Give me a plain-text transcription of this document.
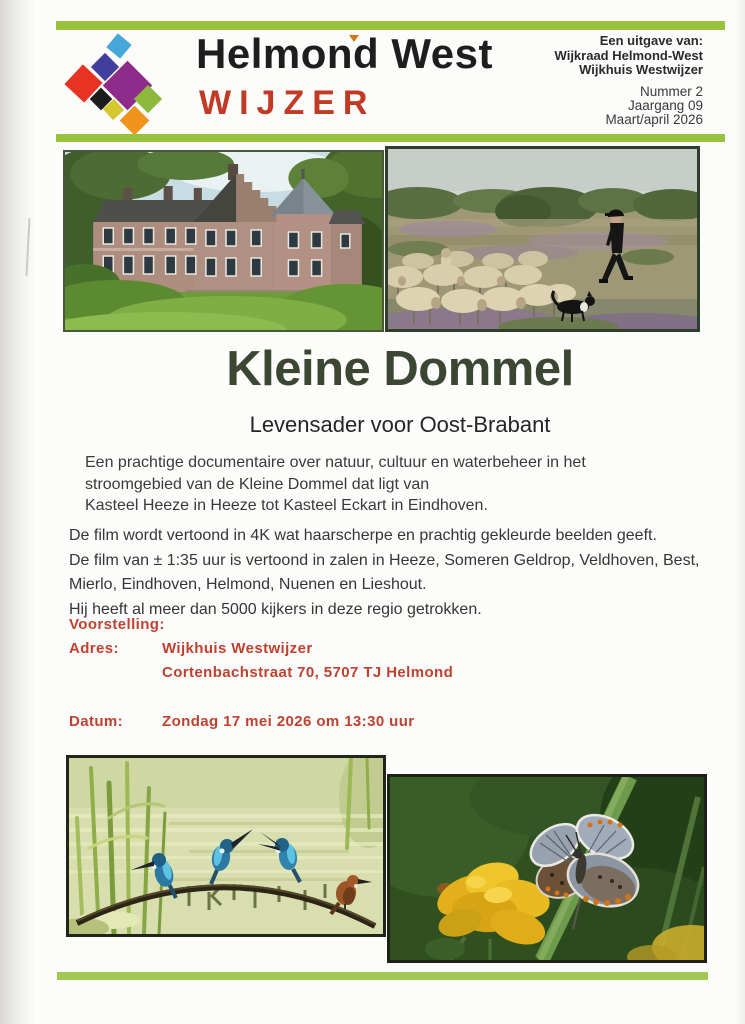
Helmond West
WIJZER
Een uitgave van:
Wijkraad Helmond-West
Wijkhuis Westwijzer
Nummer 2
Jaargang 09
Maart/april 2026
Kleine Dommel
Levensader voor Oost-Brabant
Een prachtige documentaire over natuur, cultuur en waterbeheer in het
stroomgebied van de Kleine Dommel dat ligt van
Kasteel Heeze in Heeze tot Kasteel Eckart in Eindhoven.
De film wordt vertoond in 4K wat haarscherpe en prachtig gekleurde beelden geeft.
De film van ± 1:35 uur is vertoond in zalen in Heeze, Someren Geldrop, Veldhoven, Best,
Mierlo, Eindhoven, Helmond, Nuenen en Lieshout.
Hij heeft al meer dan 5000 kijkers in deze regio getrokken.
Voorstelling:
Adres:	Wijkhuis Westwijzer
Cortenbachstraat 70, 5707 TJ Helmond
Datum:	Zondag 17 mei 2026 om 13:30 uur
